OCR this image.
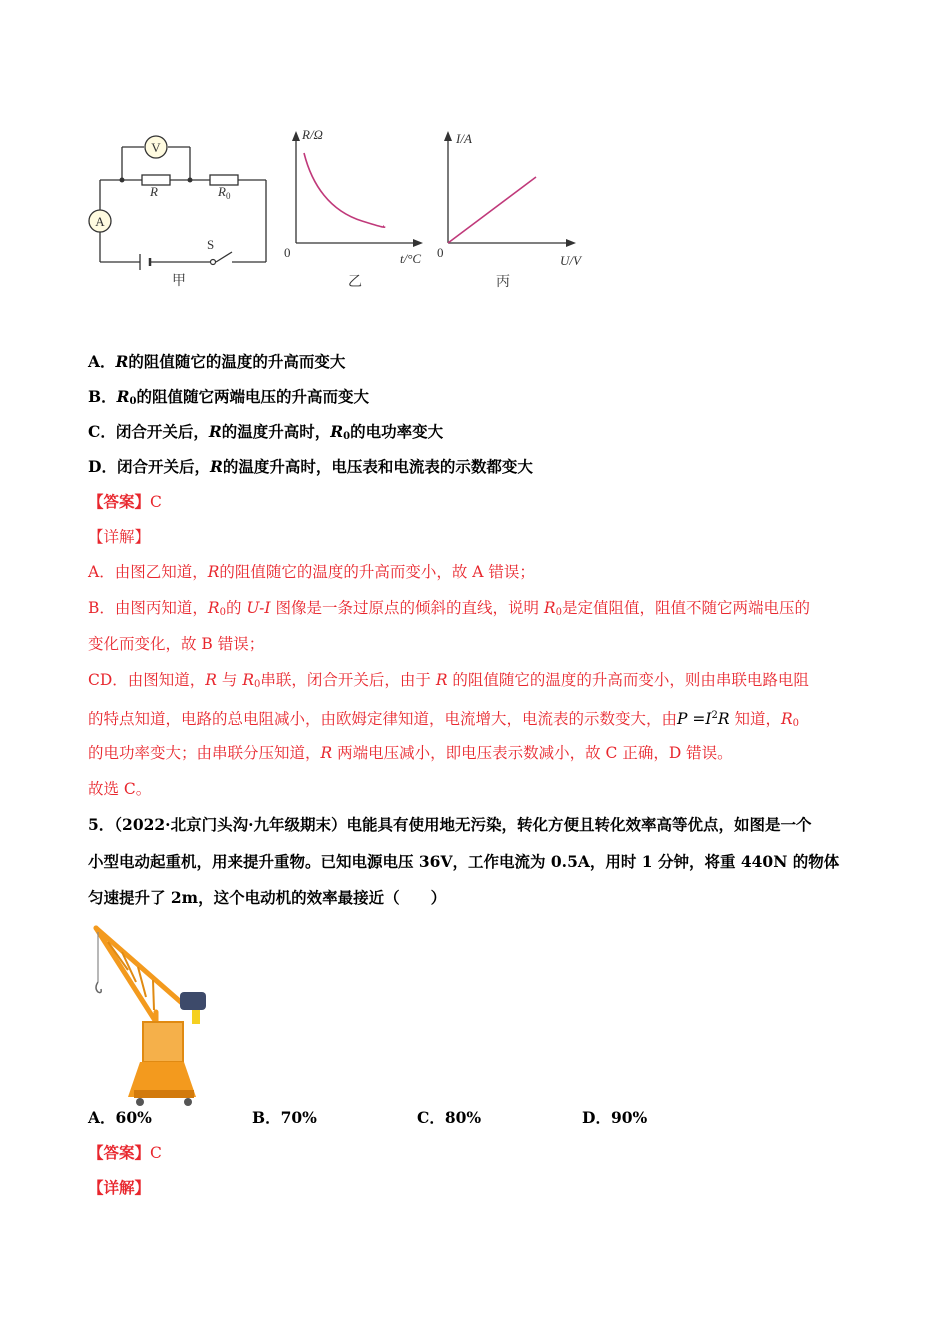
V
A
R	$R_0$
S
甲
R/Ω
0	t/°C
乙
I/A
0
U/V
丙
A．R的阻值随它的温度的升高而变大
B．$R_0$的阻值随它两端电压的升高而变大
C．闭合开关后，R的温度升高时，$R_0$的电功率变大
D．闭合开关后，R的温度升高时，电压表和电流表的示数都变大
【答案】C
【详解】
A．由图乙知道，R的阻值随它的温度的升高而变小，故 A 错误；
B．由图丙知道，$R_0$的 U-I 图像是一条过原点的倾斜的直线，说明 $R_0$是定值阻值，阻值不随它两端电压的
变化而变化，故 B 错误；
CD．由图知道，R 与 $R_0$串联，闭合开关后，由于 R 的阻值随它的温度的升高而变小，则由串联电路电阻
的特点知道，电路的总电阻减小，由欧姆定律知道，电流增大，电流表的示数变大，由$P =I^2R$ 知道，$R_0$
的电功率变大；由串联分压知道，R 两端电压减小，即电压表示数减小，故 C 正确，D 错误。
故选 C。
5．（2022·北京门头沟·九年级期末）电能具有使用地无污染，转化方便且转化效率高等优点，如图是一个
小型电动起重机，用来提升重物。已知电源电压 36V，工作电流为 0.5A，用时 1 分钟，将重 440N 的物体
匀速提升了 2m，这个电动机的效率最接近（　　）
A．60%	B．70%	C．80%	D．90%
【答案】C
【详解】
